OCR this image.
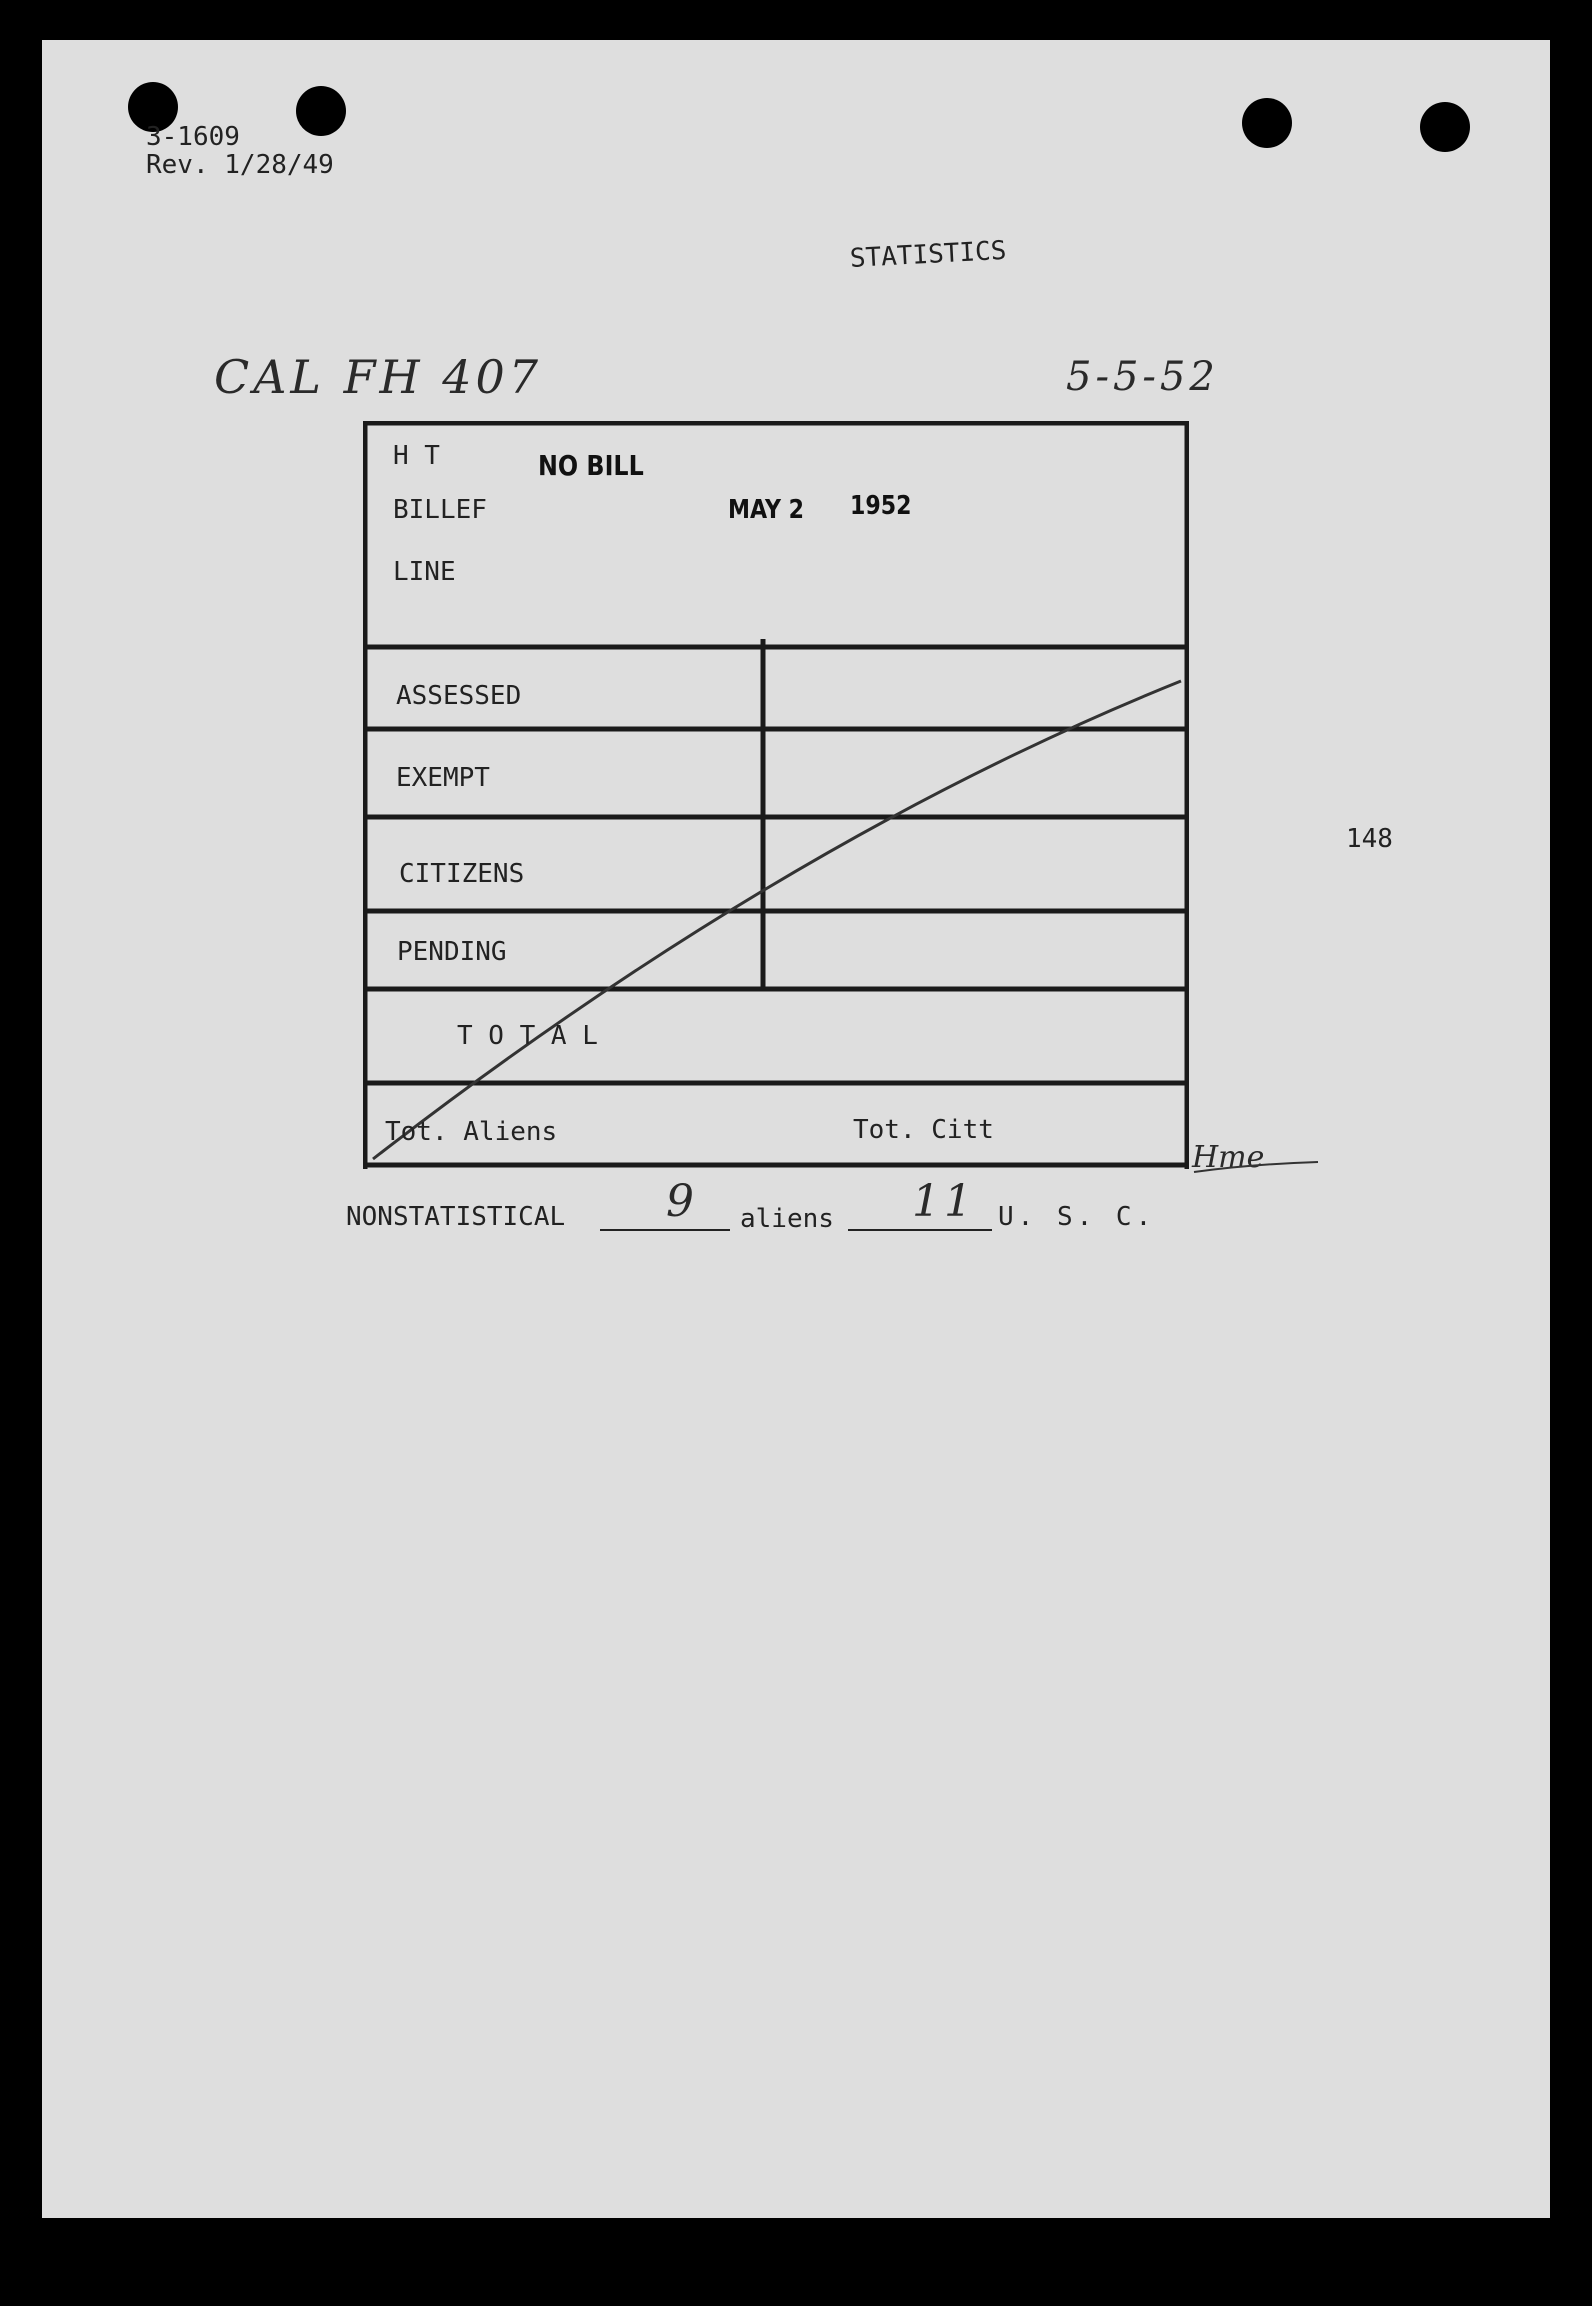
3-1609
Rev. 1/28/49
STATISTICS
CAL FH 407	5-5-52
148
H T
BILLEF
LINE
NO BILL
MAY 2 1952
ASSESSED
EXEMPT
CITIZENS
PENDING
T O T A L
Tot. Aliens	Tot. Citt
Hme
NONSTATISTICAL 9 aliens 11 U. S. C.
